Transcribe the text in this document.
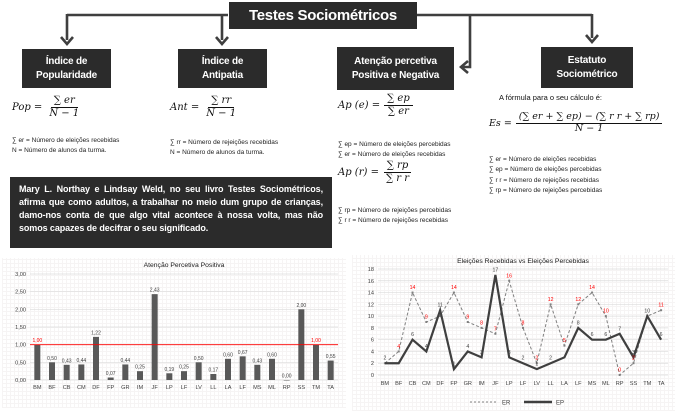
Testes Sociométricos
Índice de
Popularidade
Índice de
Antipatia
Atenção percetiva
Positiva e Negativa
Estatuto
Sociométrico
Pop = $\frac{\sum er}{N - 1}$
∑ er = Número de eleições recebidas
N = Número de alunos da turma.
Ant = $\frac{\sum rr}{N - 1}$
∑ rr = Número de rejeições recebidas
N = Número de alunos da turma.
Ap $(e) = \frac{\sum ep}{\sum er}$
∑ ep = Número de eleições percebidas
∑ er = Número de eleições recebidas
Ap $(r) = \frac{\sum rp}{\text{∑ r r}}$
∑ rp = Número de rejeições percebidas
∑ r r = Número de rejeições recebidas
A fórmula para o seu cálculo é:
$Es = \frac{\text{(∑ er + ∑ ep) − (∑ r r + ∑ rp)}}{N - 1}$
∑ er = Número de eleições recebidas
∑ ep = Número de eleições percebidas
∑ r r = Número de rejeições recebidas
∑ rp = Número de rejeições percebidas
Mary L. Northay e Lindsay Weld, no seu livro Testes Sociométricos, afirma que como adultos, a trabalhar no meio dum grupo de crianças, damo-nos conta de que algo vital acontece à nossa volta, mas não somos capazes de decifrar o seu significado.
0,00
0,50
1,00
1,50
2,00
2,50
3,00
1,00
BM
0,50
BF
0,43
CB
0,44
CM
1,22
DF
0,07
FP
0,44
GR
0,25
IM
2,43
JF
0,19
LP
0,25
LF
0,50
LV
0,17
LL
0,60
LA
0,67
LF
0,43
MS
0,60
ML
0,00
RP
2,00
SS
1,00
TM
0,55
TA
Atenção Percetiva Positiva
0
2
4
6
8
10
12
14
16
18
BM BF CB CM DF FP GR IM JF LP LF LV LL LA LF MS ML RP SS TM TA
4
14
9
14
9
8
7
16
8
2
12
5
12
14
10
0
2
11
2
6
4
11
1
4
3
17
3
2
1
2
8
6 6
7
3
10
6
Eleições Recebidas vs Eleições Percebidas
ER	EP
